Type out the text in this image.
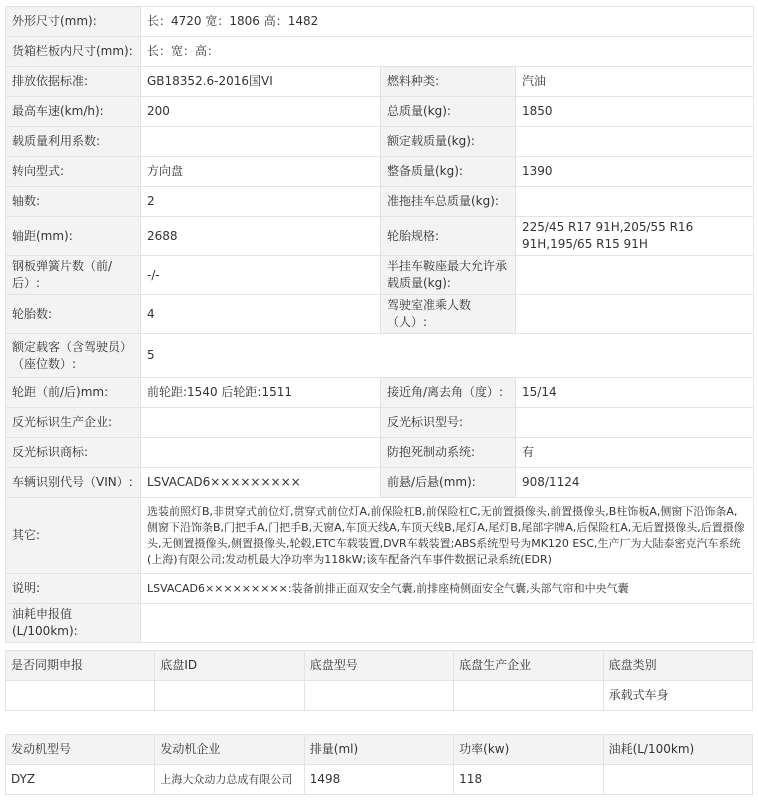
外形尺寸(mm):	长：4720 宽：1806 高：1482		
货箱栏板内尺寸(mm):	长：宽：高：		
排放依据标准:	GB18352.6-2016国VI	燃料种类:	汽油
最高车速(km/h):	200	总质量(kg):	1850
载质量利用系数:		额定载质量(kg):	
转向型式:	方向盘	整备质量(kg):	1390
轴数:	2	准拖挂车总质量(kg):	
轴距(mm):	2688	轮胎规格:	225/45 R17 91H,205/55 R16 91H,195/65 R15 91H
钢板弹簧片数（前/后）:	-/-	半挂车鞍座最大允许承载质量(kg):	
轮胎数:	4	驾驶室准乘人数（人）:	
额定载客（含驾驶员）（座位数）:	5		
轮距（前/后)mm:	前轮距:1540 后轮距:1511	接近角/离去角（度）:	15/14
反光标识生产企业:		反光标识型号:	
反光标识商标:		防抱死制动系统:	有
车辆识别代号（VIN）:	LSVACAD6×××××××××	前悬/后悬(mm):	908/1124
其它:	选装前照灯B,非贯穿式前位灯,贯穿式前位灯A,前保险杠B,前保险杠C,无前置摄像头,前置摄像头,B柱饰板A,侧窗下沿饰条A,侧窗下沿饰条B,门把手A,门把手B,天窗A,车顶天线A,车顶天线B,尾灯A,尾灯B,尾部字牌A,后保险杠A,无后置摄像头,后置摄像头,无侧置摄像头,侧置摄像头,轮毂,ETC车载装置,DVR车载装置;ABS系统型号为MK120 ESC,生产厂为大陆泰密克汽车系统(上海)有限公司;发动机最大净功率为118kW;该车配备汽车事件数据记录系统(EDR)		
说明:	LSVACAD6×××××××××:装备前排正面双安全气囊,前排座椅侧面安全气囊,头部气帘和中央气囊		
油耗申报值(L/100km):			
是否同期申报	底盘ID	底盘型号	底盘生产企业	底盘类别
				承载式车身
发动机型号	发动机企业	排量(ml)	功率(kw)	油耗(L/100km)
DYZ	上海大众动力总成有限公司	1498	118	
